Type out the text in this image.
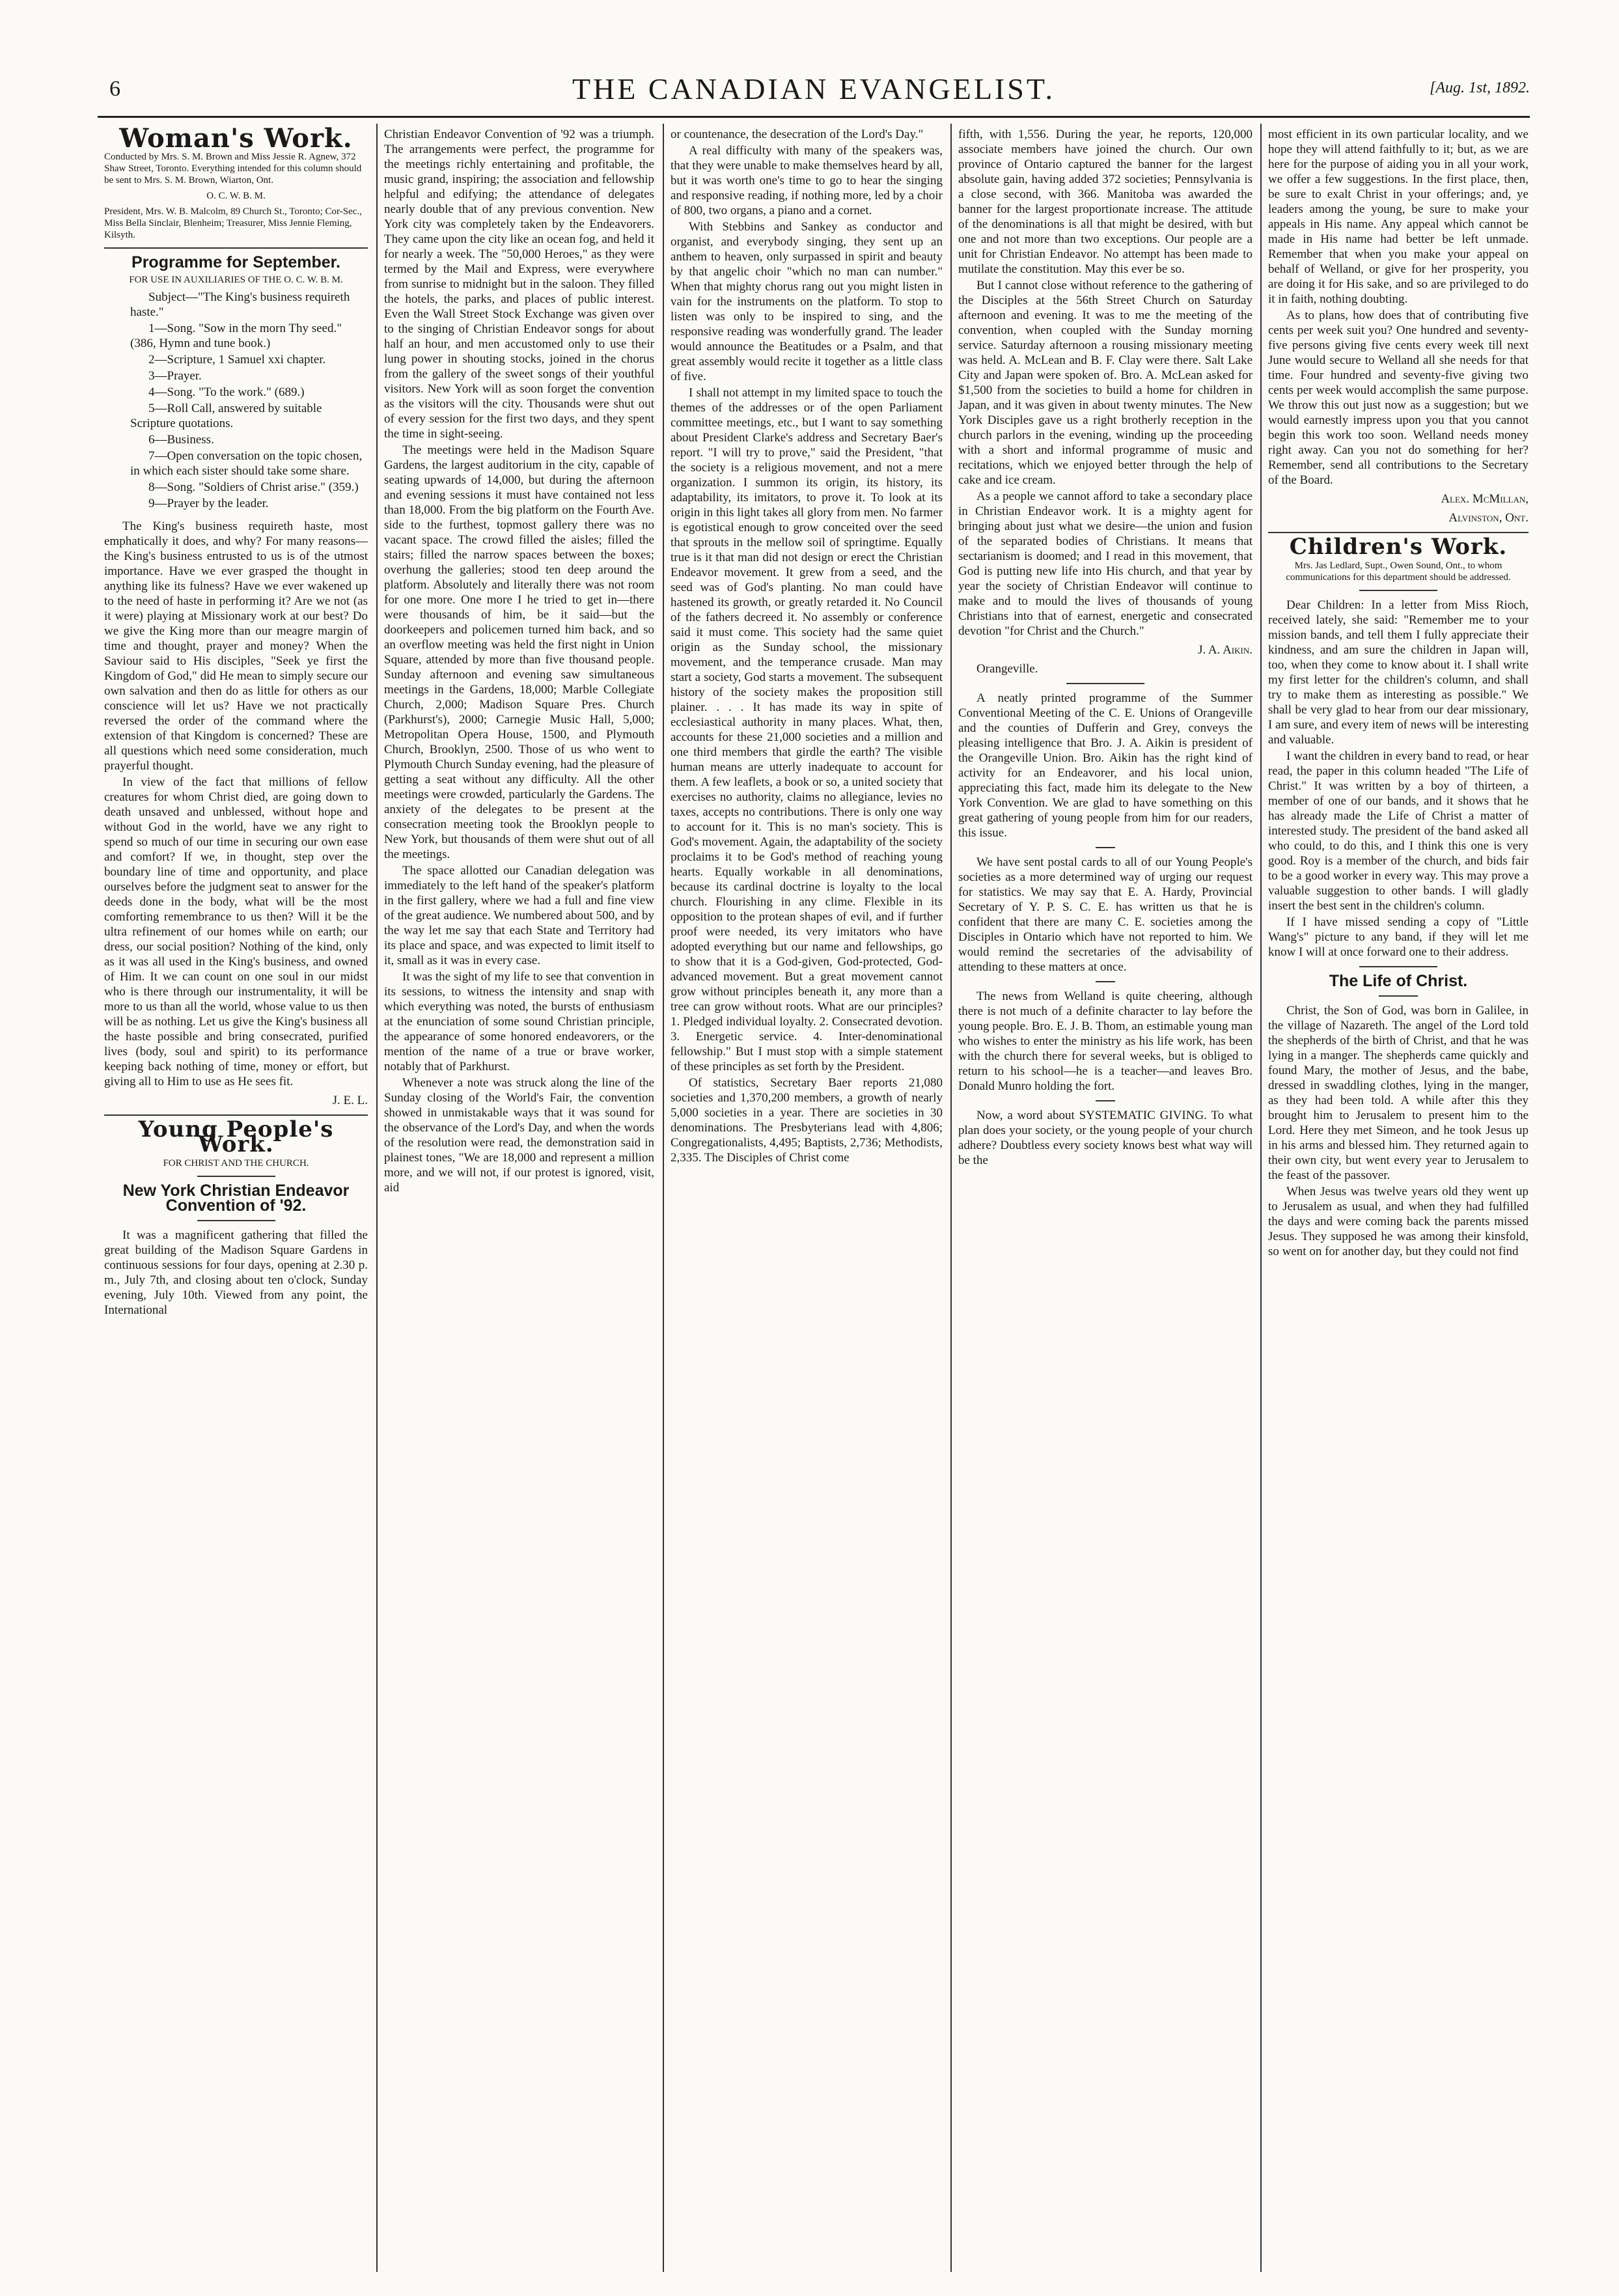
6	THE CANADIAN EVANGELIST.	[Aug. 1st, 1892.
Woman's Work.
Conducted by Mrs. S. M. Brown and Miss Jessie R. Agnew, 372 Shaw Street, Toronto. Everything intended for this column should be sent to Mrs. S. M. Brown, Wiarton, Ont.
O. C. W. B. M.
President, Mrs. W. B. Malcolm, 89 Church St., Toronto; Cor-Sec., Miss Bella Sinclair, Blenheim; Treasurer, Miss Jennie Fleming, Kilsyth.
Programme for September.
FOR USE IN AUXILIARIES OF THE O. C. W. B. M.

Subject—"The King's business requireth haste."

1—Song. "Sow in the morn Thy seed." (386, Hymn and tune book.)

2—Scripture, 1 Samuel xxi chapter.

3—Prayer.

4—Song. "To the work." (689.)

5—Roll Call, answered by suitable Scripture quotations.

6—Business.

7—Open conversation on the topic chosen, in which each sister should take some share.

8—Song. "Soldiers of Christ arise." (359.)

9—Prayer by the leader.

The King's business requireth haste, most emphatically it does, and why? For many reasons—the King's business entrusted to us is of the utmost importance. Have we ever grasped the thought in anything like its fulness? Have we ever wakened up to the need of haste in performing it? Are we not (as it were) playing at Missionary work at our best? Do we give the King more than our meagre margin of time and thought, prayer and money? When the Saviour said to His disciples, "Seek ye first the Kingdom of God," did He mean to simply secure our own salvation and then do as little for others as our conscience will let us? Have we not practically reversed the order of the command where the extension of that Kingdom is concerned? These are all questions which need some consideration, much prayerful thought.

In view of the fact that millions of fellow creatures for whom Christ died, are going down to death unsaved and unblessed, without hope and without God in the world, have we any right to spend so much of our time in securing our own ease and comfort? If we, in thought, step over the boundary line of time and opportunity, and place ourselves before the judgment seat to answer for the deeds done in the body, what will be the most comforting remembrance to us then? Will it be the ultra refinement of our homes while on earth; our dress, our social position? Nothing of the kind, only as it was all used in the King's business, and owned of Him. It we can count on one soul in our midst who is there through our instrumentality, it will be more to us than all the world, whose value to us then will be as nothing. Let us give the King's business all the haste possible and bring consecrated, purified lives (body, soul and spirit) to its performance keeping back nothing of time, money or effort, but giving all to Him to use as He sees fit.

J. E. L.
Young People's Work.
FOR CHRIST AND THE CHURCH.
New York Christian Endeavor Convention of '92.

It was a magnificent gathering that filled the great building of the Madison Square Gardens in continuous sessions for four days, opening at 2.30 p. m., July 7th, and closing about ten o'clock, Sunday evening, July 10th. Viewed from any point, the International

Christian Endeavor Convention of '92 was a triumph. The arrangements were perfect, the programme for the meetings richly entertaining and profitable, the music grand, inspiring; the association and fellowship helpful and edifying; the attendance of delegates nearly double that of any previous convention. New York city was completely taken by the Endeavorers. They came upon the city like an ocean fog, and held it for nearly a week. The "50,000 Heroes," as they were termed by the Mail and Express, were everywhere from sunrise to midnight but in the saloon. They filled the hotels, the parks, and places of public interest. Even the Wall Street Stock Exchange was given over to the singing of Christian Endeavor songs for about half an hour, and men accustomed only to use their lung power in shouting stocks, joined in the chorus from the gallery of the sweet songs of their youthful visitors. New York will as soon forget the convention as the visitors will the city. Thousands were shut out of every session for the first two days, and they spent the time in sight-seeing.

The meetings were held in the Madison Square Gardens, the largest auditorium in the city, capable of seating upwards of 14,000, but during the afternoon and evening sessions it must have contained not less than 18,000. From the big platform on the Fourth Ave. side to the furthest, topmost gallery there was no vacant space. The crowd filled the aisles; filled the stairs; filled the narrow spaces between the boxes; overhung the galleries; stood ten deep around the platform. Absolutely and literally there was not room for one more. One more I he tried to get in—there were thousands of him, be it said—but the doorkeepers and policemen turned him back, and so an overflow meeting was held the first night in Union Square, attended by more than five thousand people. Sunday afternoon and evening saw simultaneous meetings in the Gardens, 18,000; Marble Collegiate Church, 2,000; Madison Square Pres. Church (Parkhurst's), 2000; Carnegie Music Hall, 5,000; Metropolitan Opera House, 1500, and Plymouth Church, Brooklyn, 2500. Those of us who went to Plymouth Church Sunday evening, had the pleasure of getting a seat without any difficulty. All the other meetings were crowded, particularly the Gardens. The anxiety of the delegates to be present at the consecration meeting took the Brooklyn people to New York, but thousands of them were shut out of all the meetings.

The space allotted our Canadian delegation was immediately to the left hand of the speaker's platform in the first gallery, where we had a full and fine view of the great audience. We numbered about 500, and by the way let me say that each State and Territory had its place and space, and was expected to limit itself to it, small as it was in every case.

It was the sight of my life to see that convention in its sessions, to witness the intensity and snap with which everything was noted, the bursts of enthusiasm at the enunciation of some sound Christian principle, the appearance of some honored endeavorers, or the mention of the name of a true or brave worker, notably that of Parkhurst.

Whenever a note was struck along the line of the Sunday closing of the World's Fair, the convention showed in unmistakable ways that it was sound for the observance of the Lord's Day, and when the words of the resolution were read, the demonstration said in plainest tones, "We are 18,000 and represent a million more, and we will not, if our protest is ignored, visit, aid

or countenance, the desecration of the Lord's Day."

A real difficulty with many of the speakers was, that they were unable to make themselves heard by all, but it was worth one's time to go to hear the singing and responsive reading, if nothing more, led by a choir of 800, two organs, a piano and a cornet.

With Stebbins and Sankey as conductor and organist, and everybody singing, they sent up an anthem to heaven, only surpassed in spirit and beauty by that angelic choir "which no man can number." When that mighty chorus rang out you might listen in vain for the instruments on the platform. To stop to listen was only to be inspired to sing, and the responsive reading was wonderfully grand. The leader would announce the Beatitudes or a Psalm, and that great assembly would recite it together as a little class of five.

I shall not attempt in my limited space to touch the themes of the addresses or of the open Parliament committee meetings, etc., but I want to say something about President Clarke's address and Secretary Baer's report. "I will try to prove," said the President, "that the society is a religious movement, and not a mere organization. I summon its origin, its history, its adaptability, its imitators, to prove it. To look at its origin in this light takes all glory from men. No farmer is egotistical enough to grow conceited over the seed that sprouts in the mellow soil of springtime. Equally true is it that man did not design or erect the Christian Endeavor movement. It grew from a seed, and the seed was of God's planting. No man could have hastened its growth, or greatly retarded it. No Council of the fathers decreed it. No assembly or conference said it must come. This society had the same quiet origin as the Sunday school, the missionary movement, and the temperance crusade. Man may start a society, God starts a movement. The subsequent history of the society makes the proposition still plainer. . . . It has made its way in spite of ecclesiastical authority in many places. What, then, accounts for these 21,000 societies and a million and one third members that girdle the earth? The visible human means are utterly inadequate to account for them. A few leaflets, a book or so, a united society that exercises no authority, claims no allegiance, levies no taxes, accepts no contributions. There is only one way to account for it. This is no man's society. This is God's movement. Again, the adaptability of the society proclaims it to be God's method of reaching young hearts. Equally workable in all denominations, because its cardinal doctrine is loyalty to the local church. Flourishing in any clime. Flexible in its opposition to the protean shapes of evil, and if further proof were needed, its very imitators who have adopted everything but our name and fellowships, go to show that it is a God-given, God-protected, God-advanced movement. But a great movement cannot grow without principles beneath it, any more than a tree can grow without roots. What are our principles? 1. Pledged individual loyalty. 2. Consecrated devotion. 3. Energetic service. 4. Inter-denominational fellowship." But I must stop with a simple statement of these principles as set forth by the President.

Of statistics, Secretary Baer reports 21,080 societies and 1,370,200 members, a growth of nearly 5,000 societies in a year. There are societies in 30 denominations. The Presbyterians lead with 4,806; Congregationalists, 4,495; Baptists, 2,736; Methodists, 2,335. The Disciples of Christ come

fifth, with 1,556. During the year, he reports, 120,000 associate members have joined the church. Our own province of Ontario captured the banner for the largest absolute gain, having added 372 societies; Pennsylvania is a close second, with 366. Manitoba was awarded the banner for the largest proportionate increase. The attitude of the denominations is all that might be desired, with but one and not more than two exceptions. Our people are a unit for Christian Endeavor. No attempt has been made to mutilate the constitution. May this ever be so.

But I cannot close without reference to the gathering of the Disciples at the 56th Street Church on Saturday afternoon and evening. It was to me the meeting of the convention, when coupled with the Sunday morning service. Saturday afternoon a rousing missionary meeting was held. A. McLean and B. F. Clay were there. Salt Lake City and Japan were spoken of. Bro. A. McLean asked for $1,500 from the societies to build a home for children in Japan, and it was given in about twenty minutes. The New York Disciples gave us a right brotherly reception in the church parlors in the evening, winding up the proceeding with a short and informal programme of music and recitations, which we enjoyed better through the help of cake and ice cream.

As a people we cannot afford to take a secondary place in Christian Endeavor work. It is a mighty agent for bringing about just what we desire—the union and fusion of the separated bodies of Christians. It means that sectarianism is doomed; and I read in this movement, that God is putting new life into His church, and that year by year the society of Christian Endeavor will continue to make and to mould the lives of thousands of young Christians into that of earnest, energetic and consecrated devotion "for Christ and the Church."

J. A. Aikin.
Orangeville.

A neatly printed programme of the Summer Conventional Meeting of the C. E. Unions of Orangeville and the counties of Dufferin and Grey, conveys the pleasing intelligence that Bro. J. A. Aikin is president of the Orangeville Union. Bro. Aikin has the right kind of activity for an Endeavorer, and his local union, appreciating this fact, made him its delegate to the New York Convention. We are glad to have something on this great gathering of young people from him for our readers, this issue.

We have sent postal cards to all of our Young People's societies as a more determined way of urging our request for statistics. We may say that E. A. Hardy, Provincial Secretary of Y. P. S. C. E. has written us that he is confident that there are many C. E. societies among the Disciples in Ontario which have not reported to him. We would remind the secretaries of the advisability of attending to these matters at once.

The news from Welland is quite cheering, although there is not much of a definite character to lay before the young people. Bro. E. J. B. Thom, an estimable young man who wishes to enter the ministry as his life work, has been with the church there for several weeks, but is obliged to return to his school—he is a teacher—and leaves Bro. Donald Munro holding the fort.

Now, a word about SYSTEMATIC GIVING. To what plan does your society, or the young people of your church adhere? Doubtless every society knows best what way will be the

most efficient in its own particular locality, and we hope they will attend faithfully to it; but, as we are here for the purpose of aiding you in all your work, we offer a few suggestions. In the first place, then, be sure to exalt Christ in your offerings; and, ye leaders among the young, be sure to make your appeals in His name. Any appeal which cannot be made in His name had better be left unmade. Remember that when you make your appeal on behalf of Welland, or give for her prosperity, you are doing it for His sake, and so are privileged to do it in faith, nothing doubting.

As to plans, how does that of contributing five cents per week suit you? One hundred and seventy-five persons giving five cents every week till next June would secure to Welland all she needs for that time. Four hundred and seventy-five giving two cents per week would accomplish the same purpose. We throw this out just now as a suggestion; but we would earnestly impress upon you that you cannot begin this work too soon. Welland needs money right away. Can you not do something for her? Remember, send all contributions to the Secretary of the Board.

Alex. McMillan,
Alvinston, Ont.
Children's Work.
Mrs. Jas Ledlard, Supt., Owen Sound, Ont., to whom communications for this department should be addressed.

Dear Children: In a letter from Miss Rioch, received lately, she said: "Remember me to your mission bands, and tell them I fully appreciate their kindness, and am sure the children in Japan will, too, when they come to know about it. I shall write my first letter for the children's column, and shall try to make them as interesting as possible." We shall be very glad to hear from our dear missionary, I am sure, and every item of news will be interesting and valuable.

I want the children in every band to read, or hear read, the paper in this column headed "The Life of Christ." It was written by a boy of thirteen, a member of one of our bands, and it shows that he has already made the Life of Christ a matter of interested study. The president of the band asked all who could, to do this, and I think this one is very good. Roy is a member of the church, and bids fair to be a good worker in every way. This may prove a valuable suggestion to other bands. I will gladly insert the best sent in the children's column.

If I have missed sending a copy of "Little Wang's" picture to any band, if they will let me know I will at once forward one to their address.

The Life of Christ.

Christ, the Son of God, was born in Galilee, in the village of Nazareth. The angel of the Lord told the shepherds of the birth of Christ, and that he was lying in a manger. The shepherds came quickly and found Mary, the mother of Jesus, and the babe, dressed in swaddling clothes, lying in the manger, as they had been told. A while after this they brought him to Jerusalem to present him to the Lord. Here they met Simeon, and he took Jesus up in his arms and blessed him. They returned again to their own city, but went every year to Jerusalem to the feast of the passover.

When Jesus was twelve years old they went up to Jerusalem as usual, and when they had fulfilled the days and were coming back the parents missed Jesus. They supposed he was among their kinsfold, so went on for another day, but they could not find
